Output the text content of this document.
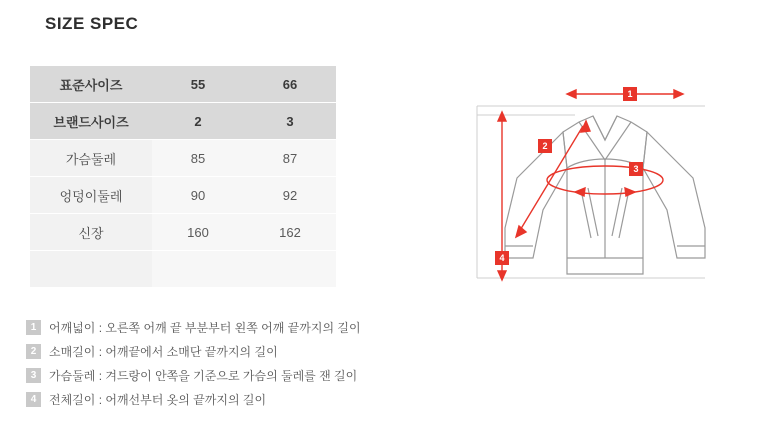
SIZE SPEC
표준사이즈	55	66
브랜드사이즈	2	3
가슴둘레	85	87
엉덩이둘레	90	92
신장	160	162

1	어깨넓이 : 오른쪽 어깨 끝 부분부터 왼쪽 어깨 끝까지의 길이
2	소매길이 : 어깨끝에서 소매단 끝까지의 길이
3	가슴둘레 : 겨드랑이 안쪽을 기준으로 가슴의 둘레를 잰 길이
4	전체길이 : 어깨선부터 옷의 끝까지의 길이
1
2
3
4
